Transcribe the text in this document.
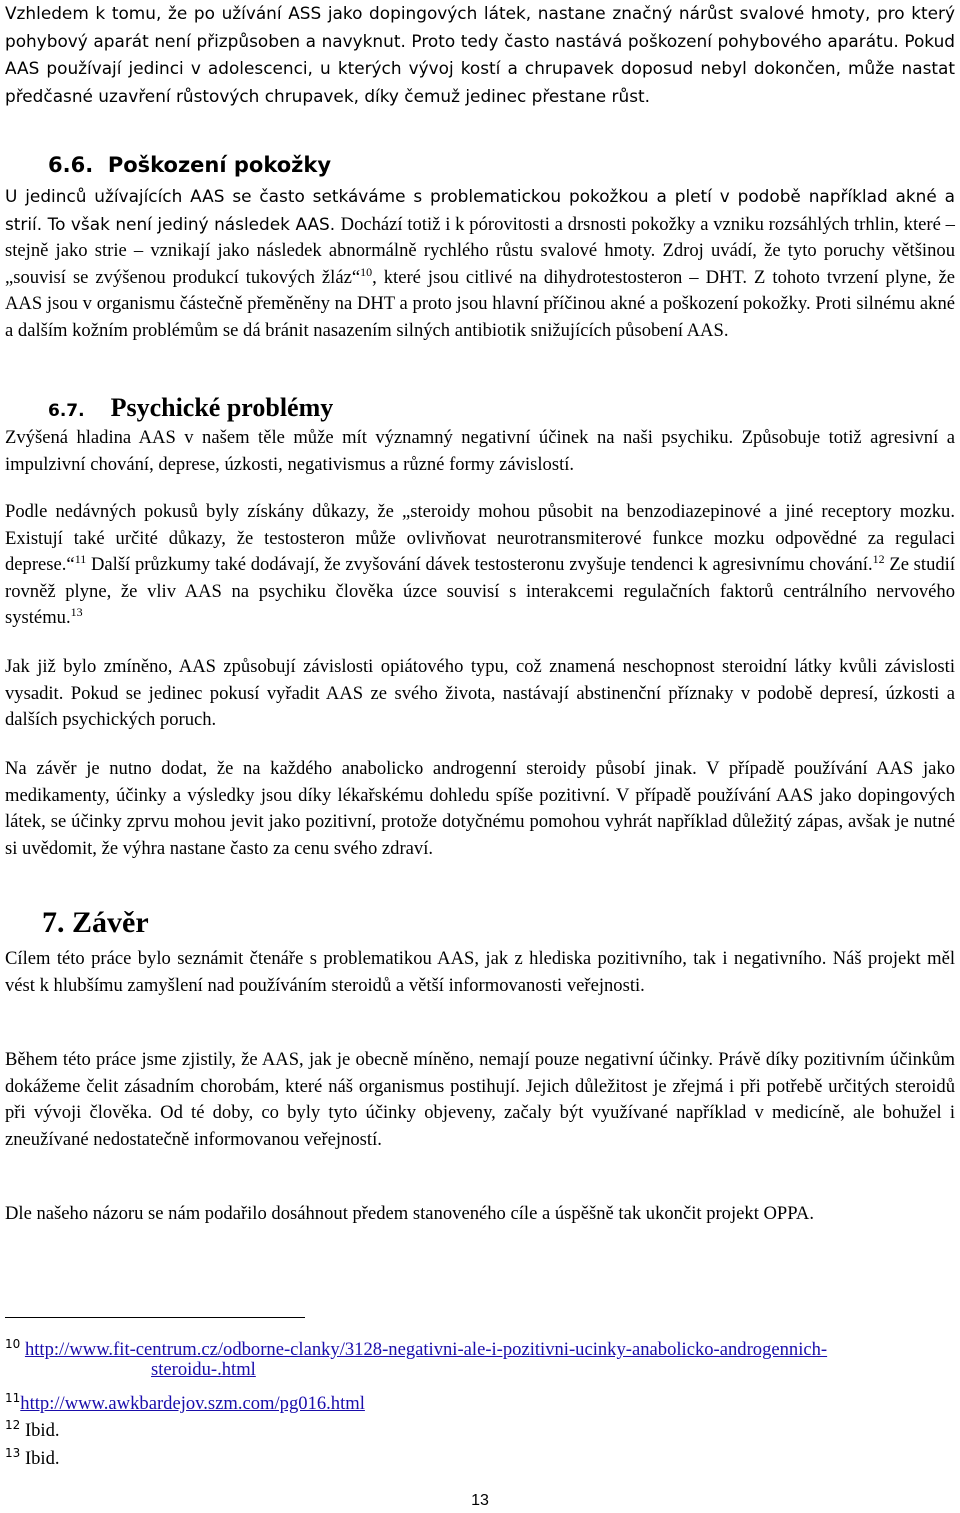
Vzhledem k tomu, že po užívání ASS jako dopingových látek, nastane značný nárůst svalové hmoty, pro který pohybový aparát není přizpůsoben a navyknut. Proto tedy často nastává poškození pohybového aparátu. Pokud AAS používají jedinci v adolescenci, u kterých vývoj kostí a chrupavek doposud nebyl dokončen, může nastat předčasné uzavření růstových chrupavek, díky čemuž jedinec přestane růst.

6.6. Poškození pokožky

U jedinců užívajících AAS se často setkáváme s problematickou pokožkou a pletí v podobě například akné a strií. To však není jediný následek AAS. Dochází totiž i k pórovitosti a drsnosti pokožky a vzniku rozsáhlých trhlin, které – stejně jako strie – vznikají jako následek abnormálně rychlého růstu svalové hmoty. Zdroj uvádí, že tyto poruchy většinou „souvisí se zvýšenou produkcí tukových žláz“$^{10}$, které jsou citlivé na dihydrotestosteron – DHT. Z tohoto tvrzení plyne, že AAS jsou v organismu částečně přeměněny na DHT a proto jsou hlavní příčinou akné a poškození pokožky. Proti silnému akné a dalším kožním problémům se dá bránit nasazením silných antibiotik snižujících působení AAS.

6.7. Psychické problémy

Zvýšená hladina AAS v našem těle může mít významný negativní účinek na naši psychiku. Způsobuje totiž agresivní a impulzivní chování, deprese, úzkosti, negativismus a různé formy závislostí.

Podle nedávných pokusů byly získány důkazy, že „steroidy mohou působit na benzodiazepinové a jiné receptory mozku. Existují také určité důkazy, že testosteron může ovlivňovat neurotransmiterové funkce mozku odpovědné za regulaci deprese.“$^{11}$ Další průzkumy také dodávají, že zvyšování dávek testosteronu zvyšuje tendenci k agresivnímu chování.$^{12}$ Ze studií rovněž plyne, že vliv AAS na psychiku člověka úzce souvisí s interakcemi regulačních faktorů centrálního nervového systému.$^{13}$

Jak již bylo zmíněno, AAS způsobují závislosti opiátového typu, což znamená neschopnost steroidní látky kvůli závislosti vysadit. Pokud se jedinec pokusí vyřadit AAS ze svého života, nastávají abstinenční příznaky v podobě depresí, úzkosti a dalších psychických poruch.

Na závěr je nutno dodat, že na každého anabolicko androgenní steroidy působí jinak. V případě používání AAS jako medikamenty, účinky a výsledky jsou díky lékařskému dohledu spíše pozitivní. V případě používání AAS jako dopingových látek, se účinky zprvu mohou jevit jako pozitivní, protože dotyčnému pomohou vyhrát například důležitý zápas, avšak je nutné si uvědomit, že výhra nastane často za cenu svého zdraví.

7. Závěr

Cílem této práce bylo seznámit čtenáře s problematikou AAS, jak z hlediska pozitivního, tak i negativního. Náš projekt měl vést k hlubšímu zamyšlení nad používáním steroidů a větší informovanosti veřejnosti.

Během této práce jsme zjistily, že AAS, jak je obecně míněno, nemají pouze negativní účinky. Právě díky pozitivním účinkům dokážeme čelit zásadním chorobám, které náš organismus postihují. Jejich důležitost je zřejmá i při potřebě určitých steroidů při vývoji člověka. Od té doby, co byly tyto účinky objeveny, začaly být využívané například v medicíně, ale bohužel i zneužívané nedostatečně informovanou veřejností.

Dle našeho názoru se nám podařilo dosáhnout předem stanoveného cíle a úspěšně tak ukončit projekt OPPA.

$^{10}$ http://www.fit-centrum.cz/odborne-clanky/3128-negativni-ale-i-pozitivni-ucinky-anabolicko-androgennich-
steroidu-.html
$^{11}$http://www.awkbardejov.szm.com/pg016.html
$^{12}$ Ibid.
$^{13}$ Ibid.
13
